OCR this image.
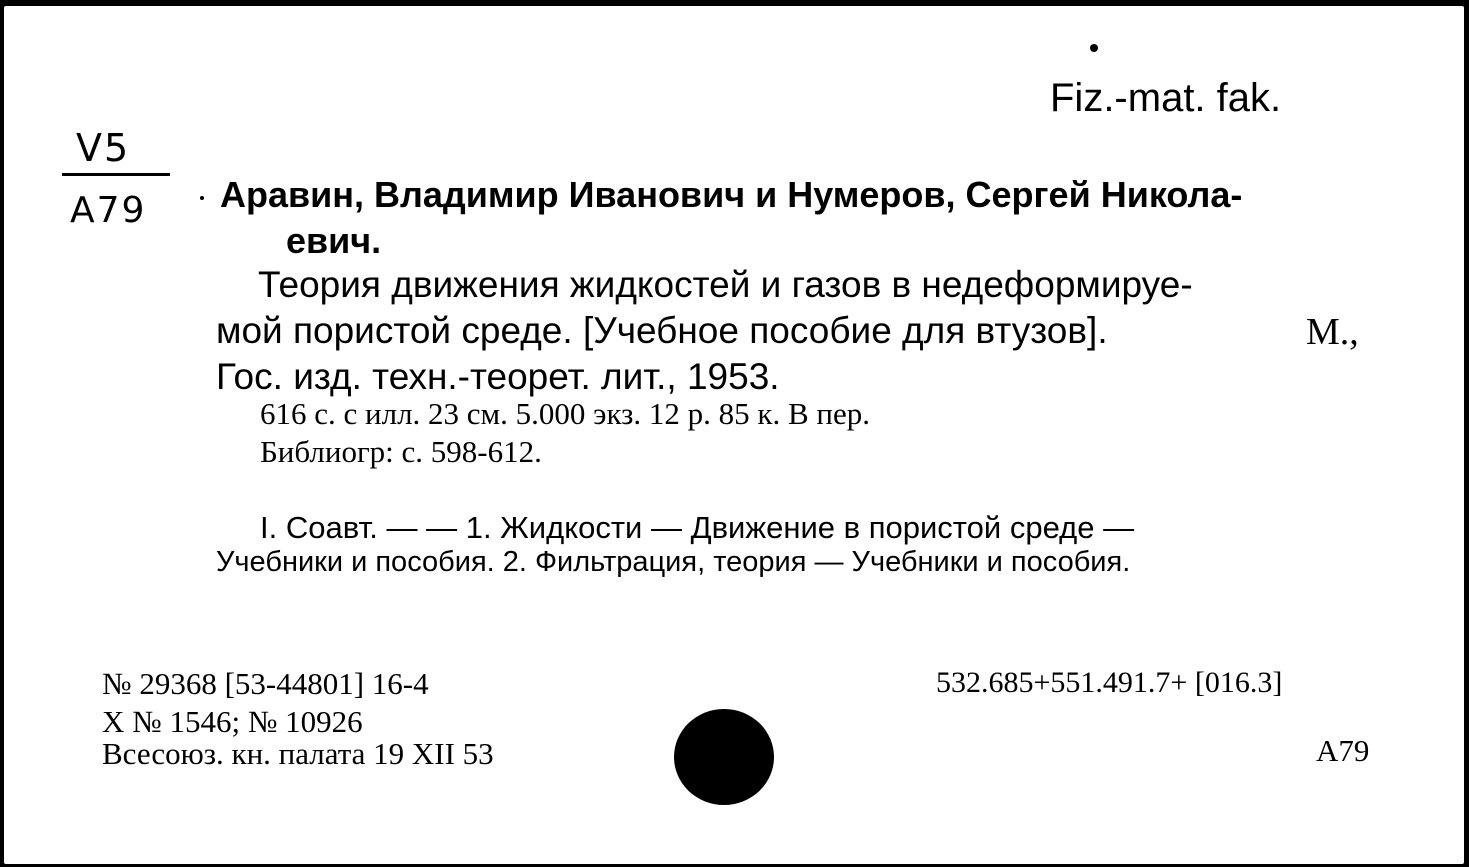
Fiz.-mat. fak.
V5
A79 Аравин, Владимир Иванович и Нумеров, Сергей Никола-
евич.
Теория движения жидкостей и газов в недеформируе-
мой пористой среде. [Учебное пособие для втузов].	М.,
Гос. изд. техн.-теорет. лит., 1953.
616 с. с илл. 23 см. 5.000 экз. 12 р. 85 к. В пер.
Библиогр: с. 598-612.
I. Соавт. — — 1. Жидкости — Движение в пористой среде —
Учебники и пособия. 2. Фильтрация, теория — Учебники и пособия.
№ 29368 [53-44801] 16-4
Х № 1546; № 10926
Всесоюз. кн. палата 19 XII 53
532.685+551.491.7+ [016.3]
А79
